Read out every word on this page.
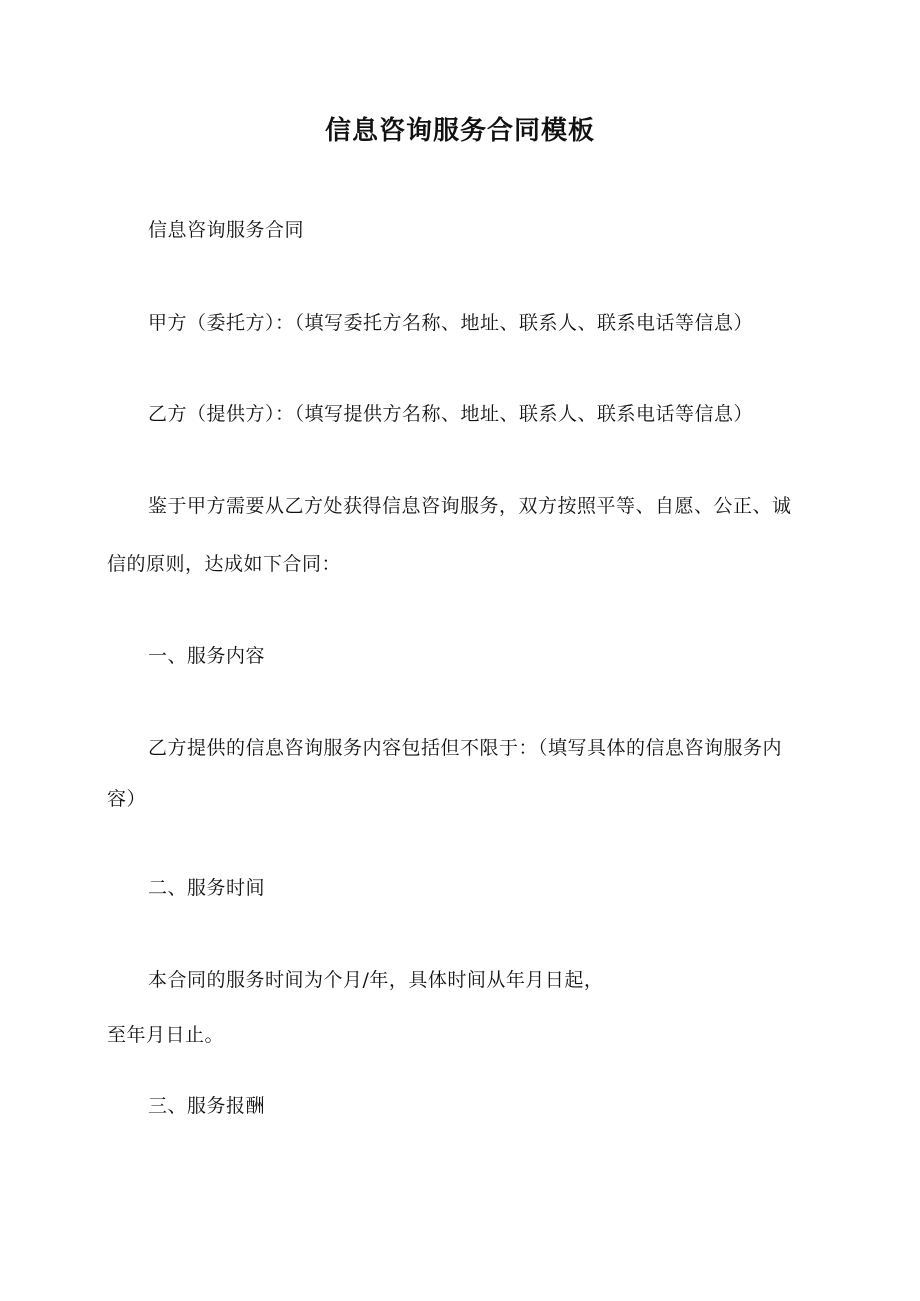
信息咨询服务合同模板

信息咨询服务合同

甲方（委托方）：（填写委托方名称、地址、联系人、联系电话等信息）

乙方（提供方）：（填写提供方名称、地址、联系人、联系电话等信息）

鉴于甲方需要从乙方处获得信息咨询服务，双方按照平等、自愿、公正、诚

信的原则，达成如下合同：

一、服务内容

乙方提供的信息咨询服务内容包括但不限于：（填写具体的信息咨询服务内

容）

二、服务时间

本合同的服务时间为个月/年，具体时间从年月日起，

至年月日止。

三、服务报酬
